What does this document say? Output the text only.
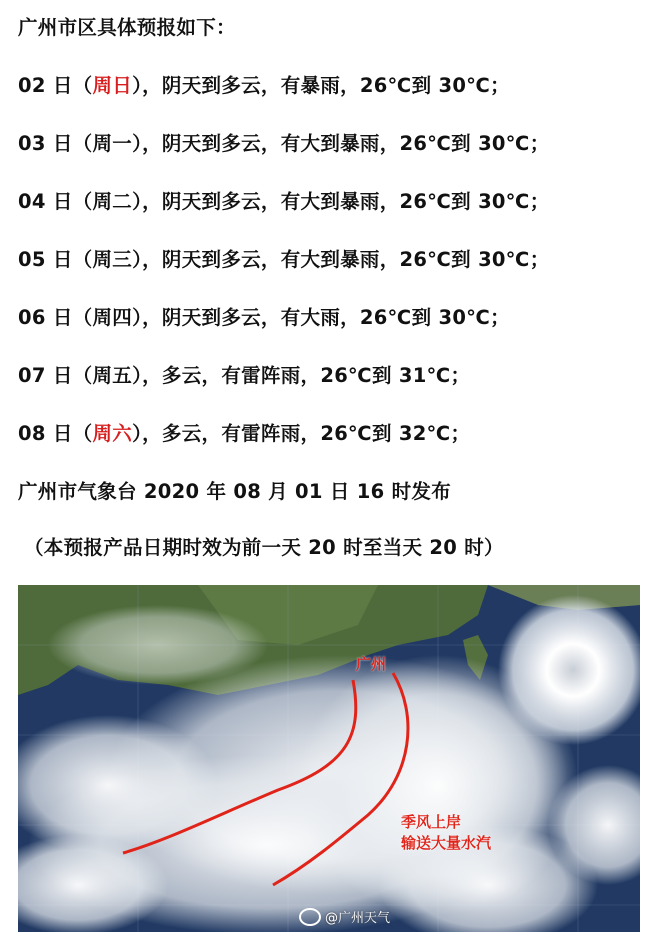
广州市区具体预报如下：
02 日（周日），阴天到多云，有暴雨，26℃到 30℃；
03 日（周一），阴天到多云，有大到暴雨，26℃到 30℃；
04 日（周二），阴天到多云，有大到暴雨，26℃到 30℃；
05 日（周三），阴天到多云，有大到暴雨，26℃到 30℃；
06 日（周四），阴天到多云，有大雨，26℃到 30℃；
07 日（周五），多云，有雷阵雨，26℃到 31℃；
08 日（周六），多云，有雷阵雨，26℃到 32℃；
广州市气象台 2020 年 08 月 01 日 16 时发布
（本预报产品日期时效为前一天 20 时至当天 20 时）
广州
季风上岸
输送大量水汽
@广州天气
